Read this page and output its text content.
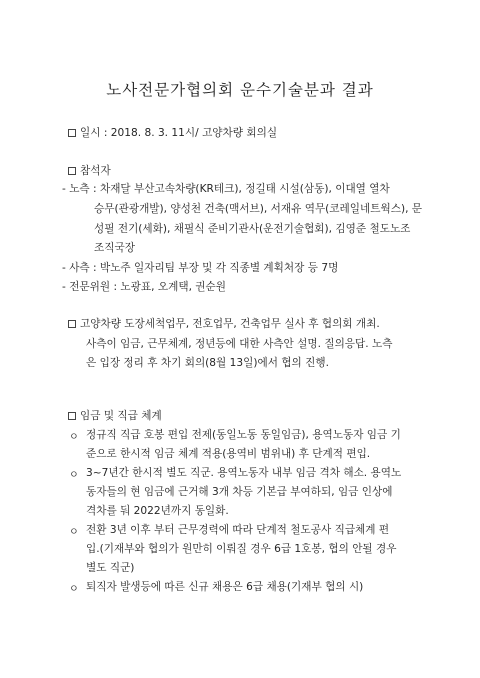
노사전문가협의회 운수기술분과 결과
일시 : 2018. 8. 3. 11시/ 고양차량 회의실
참석자
- 노측 : 차재달 부산고속차량(KR테크), 정길태 시설(삼동), 이대열 열차
승무(관광개발), 양성천 건축(맥서브), 서재유 역무(코레일네트웍스), 문
성필 전기(세화), 채필식 준비기관사(운전기술협회), 김영준 철도노조
조직국장
- 사측 : 박노주 일자리팀 부장 및 각 직종별 계획처장 등 7명
- 전문위원 : 노광표, 오계택, 권순원
고양차량 도장세척업무, 전호업무, 건축업무 실사 후 협의회 개최.
사측이 임금, 근무체계, 정년등에 대한 사측안 설명. 질의응답. 노측
은 입장 정리 후 차기 회의(8월 13일)에서 협의 진행.
임금 및 직급 체계
ㅇ 정규직 직급 호봉 편입 전제(동일노동 동일임금), 용역노동자 임금 기
준으로 한시적 임금 체계 적용(용역비 범위내) 후 단계적 편입.
ㅇ 3~7년간 한시적 별도 직군. 용역노동자 내부 임금 격차 해소. 용역노
동자들의 현 임금에 근거해 3개 차등 기본급 부여하되, 임금 인상에
격차를 둬 2022년까지 동일화.
ㅇ 전환 3년 이후 부터 근무경력에 따라 단계적 철도공사 직급체계 편
입.(기재부와 협의가 원만히 이뤄질 경우 6급 1호봉, 협의 안될 경우
별도 직군)
ㅇ 퇴직자 발생등에 따른 신규 채용은 6급 채용(기재부 협의 시)
